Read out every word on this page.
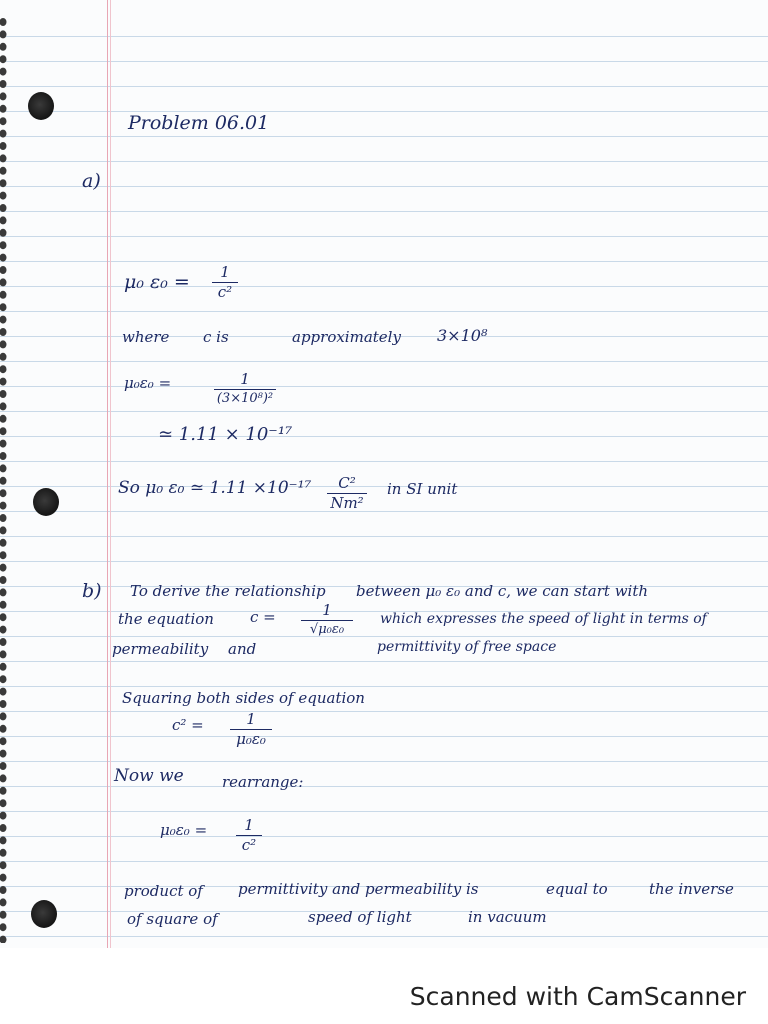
Problem 06.01
a)
μ₀ ε₀ =	1
c²
where c is	approximately 3×10⁸
μ₀ε₀ =	1
(3×10⁸)²
≃ 1.11 × 10⁻¹⁷
So μ₀ ε₀ ≃ 1.11 ×10⁻¹⁷	C²
Nm²
in SI unit
b) To derive the relationship between μ₀ ε₀ and c, we can start with
the equation c =	1
√μ₀ε₀
which expresses the speed of light in terms of
permeability and	permittivity of free space
Squaring both sides of equation
c² =	1
μ₀ε₀
Now we	rearrange:
μ₀ε₀ =	1
c²
product of permittivity and permeability is	equal to	the inverse
of square of	speed of light	in vacuum
Scanned with CamScanner
